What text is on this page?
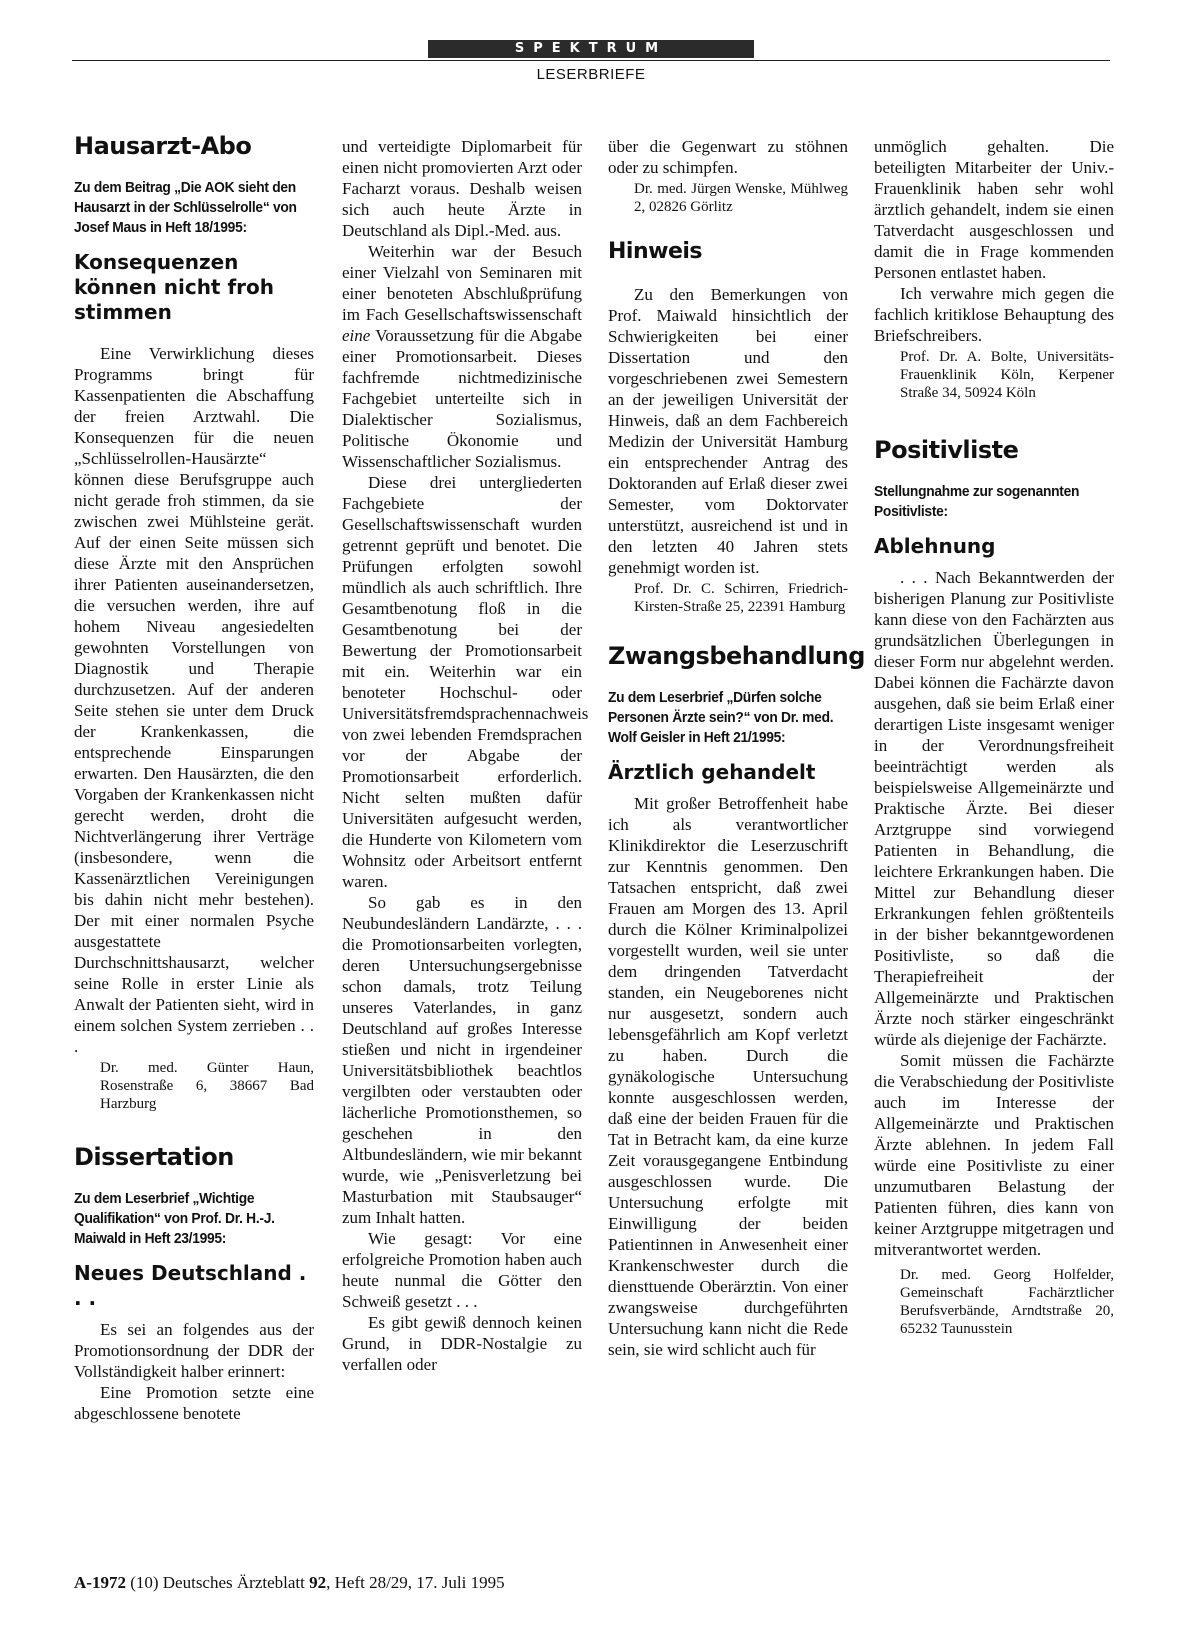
SPEKTRUM
LESERBRIEFE
Hausarzt-Abo
Zu dem Beitrag „Die AOK sieht den Hausarzt in der Schlüsselrolle“ von Josef Maus in Heft 18/1995:
Konsequenzen können nicht froh stimmen

Eine Verwirklichung dieses Programms bringt für Kassenpatienten die Abschaffung der freien Arztwahl. Die Konsequenzen für die neuen „Schlüsselrollen-Hausärzte“ können diese Berufsgruppe auch nicht gerade froh stimmen, da sie zwischen zwei Mühlsteine gerät. Auf der einen Seite müssen sich diese Ärzte mit den Ansprüchen ihrer Patienten auseinandersetzen, die versuchen werden, ihre auf hohem Niveau angesiedelten gewohnten Vorstellungen von Diagnostik und Therapie durchzusetzen. Auf der anderen Seite stehen sie unter dem Druck der Krankenkassen, die entsprechende Einsparungen erwarten. Den Hausärzten, die den Vorgaben der Krankenkassen nicht gerecht werden, droht die Nichtverlängerung ihrer Verträge (insbesondere, wenn die Kassenärztlichen Vereinigungen bis dahin nicht mehr bestehen). Der mit einer normalen Psyche ausgestattete Durchschnittshausarzt, welcher seine Rolle in erster Linie als Anwalt der Patienten sieht, wird in einem solchen System zerrieben . . .

Dr. med. Günter Haun, Rosenstraße 6, 38667 Bad Harzburg
Dissertation
Zu dem Leserbrief „Wichtige Qualifikation“ von Prof. Dr. H.-J. Maiwald in Heft 23/1995:
Neues Deutschland . . .

Es sei an folgendes aus der Promotionsordnung der DDR der Vollständigkeit halber erinnert:

Eine Promotion setzte eine abgeschlossene benotete

und verteidigte Diplomarbeit für einen nicht promovierten Arzt oder Facharzt voraus. Deshalb weisen sich auch heute Ärzte in Deutschland als Dipl.-Med. aus.

Weiterhin war der Besuch einer Vielzahl von Seminaren mit einer benoteten Abschlußprüfung im Fach Gesellschaftswissenschaft eine Voraussetzung für die Abgabe einer Promotionsarbeit. Dieses fachfremde nichtmedizinische Fachgebiet unterteilte sich in Dialektischer Sozialismus, Politische Ökonomie und Wissenschaftlicher Sozialismus.

Diese drei untergliederten Fachgebiete der Gesellschaftswissenschaft wurden getrennt geprüft und benotet. Die Prüfungen erfolgten sowohl mündlich als auch schriftlich. Ihre Gesamtbenotung floß in die Gesamtbenotung bei der Bewertung der Promotionsarbeit mit ein. Weiterhin war ein benoteter Hochschul- oder Universitätsfremdsprachennachweis von zwei lebenden Fremdsprachen vor der Abgabe der Promotionsarbeit erforderlich. Nicht selten mußten dafür Universitäten aufgesucht werden, die Hunderte von Kilometern vom Wohnsitz oder Arbeitsort entfernt waren.

So gab es in den Neubundesländern Landärzte, . . . die Promotionsarbeiten vorlegten, deren Untersuchungsergebnisse schon damals, trotz Teilung unseres Vaterlandes, in ganz Deutschland auf großes Interesse stießen und nicht in irgendeiner Universitätsbibliothek beachtlos vergilbten oder verstaubten oder lächerliche Promotionsthemen, so geschehen in den Altbundesländern, wie mir bekannt wurde, wie „Penisverletzung bei Masturbation mit Staubsauger“ zum Inhalt hatten.

Wie gesagt: Vor eine erfolgreiche Promotion haben auch heute nunmal die Götter den Schweiß gesetzt . . .

Es gibt gewiß dennoch keinen Grund, in DDR-Nostalgie zu verfallen oder

über die Gegenwart zu stöhnen oder zu schimpfen.

Dr. med. Jürgen Wenske, Mühlweg 2, 02826 Görlitz
Hinweis

Zu den Bemerkungen von Prof. Maiwald hinsichtlich der Schwierigkeiten bei einer Dissertation und den vorgeschriebenen zwei Semestern an der jeweiligen Universität der Hinweis, daß an dem Fachbereich Medizin der Universität Hamburg ein entsprechender Antrag des Doktoranden auf Erlaß dieser zwei Semester, vom Doktorvater unterstützt, ausreichend ist und in den letzten 40 Jahren stets genehmigt worden ist.

Prof. Dr. C. Schirren, Friedrich-Kirsten-Straße 25, 22391 Hamburg
Zwangsbehandlung
Zu dem Leserbrief „Dürfen solche Personen Ärzte sein?“ von Dr. med. Wolf Geisler in Heft 21/1995:
Ärztlich gehandelt

Mit großer Betroffenheit habe ich als verantwortlicher Klinikdirektor die Leserzuschrift zur Kenntnis genommen. Den Tatsachen entspricht, daß zwei Frauen am Morgen des 13. April durch die Kölner Kriminalpolizei vorgestellt wurden, weil sie unter dem dringenden Tatverdacht standen, ein Neugeborenes nicht nur ausgesetzt, sondern auch lebensgefährlich am Kopf verletzt zu haben. Durch die gynäkologische Untersuchung konnte ausgeschlossen werden, daß eine der beiden Frauen für die Tat in Betracht kam, da eine kurze Zeit vorausgegangene Entbindung ausgeschlossen wurde. Die Untersuchung erfolgte mit Einwilligung der beiden Patientinnen in Anwesenheit einer Krankenschwester durch die diensttuende Oberärztin. Von einer zwangsweise durchgeführten Untersuchung kann nicht die Rede sein, sie wird schlicht auch für

unmöglich gehalten. Die beteiligten Mitarbeiter der Univ.-Frauenklinik haben sehr wohl ärztlich gehandelt, indem sie einen Tatverdacht ausgeschlossen und damit die in Frage kommenden Personen entlastet haben.

Ich verwahre mich gegen die fachlich kritiklose Behauptung des Briefschreibers.

Prof. Dr. A. Bolte, Universitäts-Frauenklinik Köln, Kerpener Straße 34, 50924 Köln
Positivliste
Stellungnahme zur sogenannten Positivliste:
Ablehnung

. . . Nach Bekanntwerden der bisherigen Planung zur Positivliste kann diese von den Fachärzten aus grundsätzlichen Überlegungen in dieser Form nur abgelehnt werden. Dabei können die Fachärzte davon ausgehen, daß sie beim Erlaß einer derartigen Liste insgesamt weniger in der Verordnungsfreiheit beeinträchtigt werden als beispielsweise Allgemeinärzte und Praktische Ärzte. Bei dieser Arztgruppe sind vorwiegend Patienten in Behandlung, die leichtere Erkrankungen haben. Die Mittel zur Behandlung dieser Erkrankungen fehlen größtenteils in der bisher bekanntgewordenen Positivliste, so daß die Therapiefreiheit der Allgemeinärzte und Praktischen Ärzte noch stärker eingeschränkt würde als diejenige der Fachärzte.

Somit müssen die Fachärzte die Verabschiedung der Positivliste auch im Interesse der Allgemeinärzte und Praktischen Ärzte ablehnen. In jedem Fall würde eine Positivliste zu einer unzumutbaren Belastung der Patienten führen, dies kann von keiner Arztgruppe mitgetragen und mitverantwortet werden.

Dr. med. Georg Holfelder, Gemeinschaft Fachärztlicher Berufsverbände, Arndtstraße 20, 65232 Taunusstein
A-1972 (10) Deutsches Ärzteblatt 92, Heft 28/29, 17. Juli 1995
